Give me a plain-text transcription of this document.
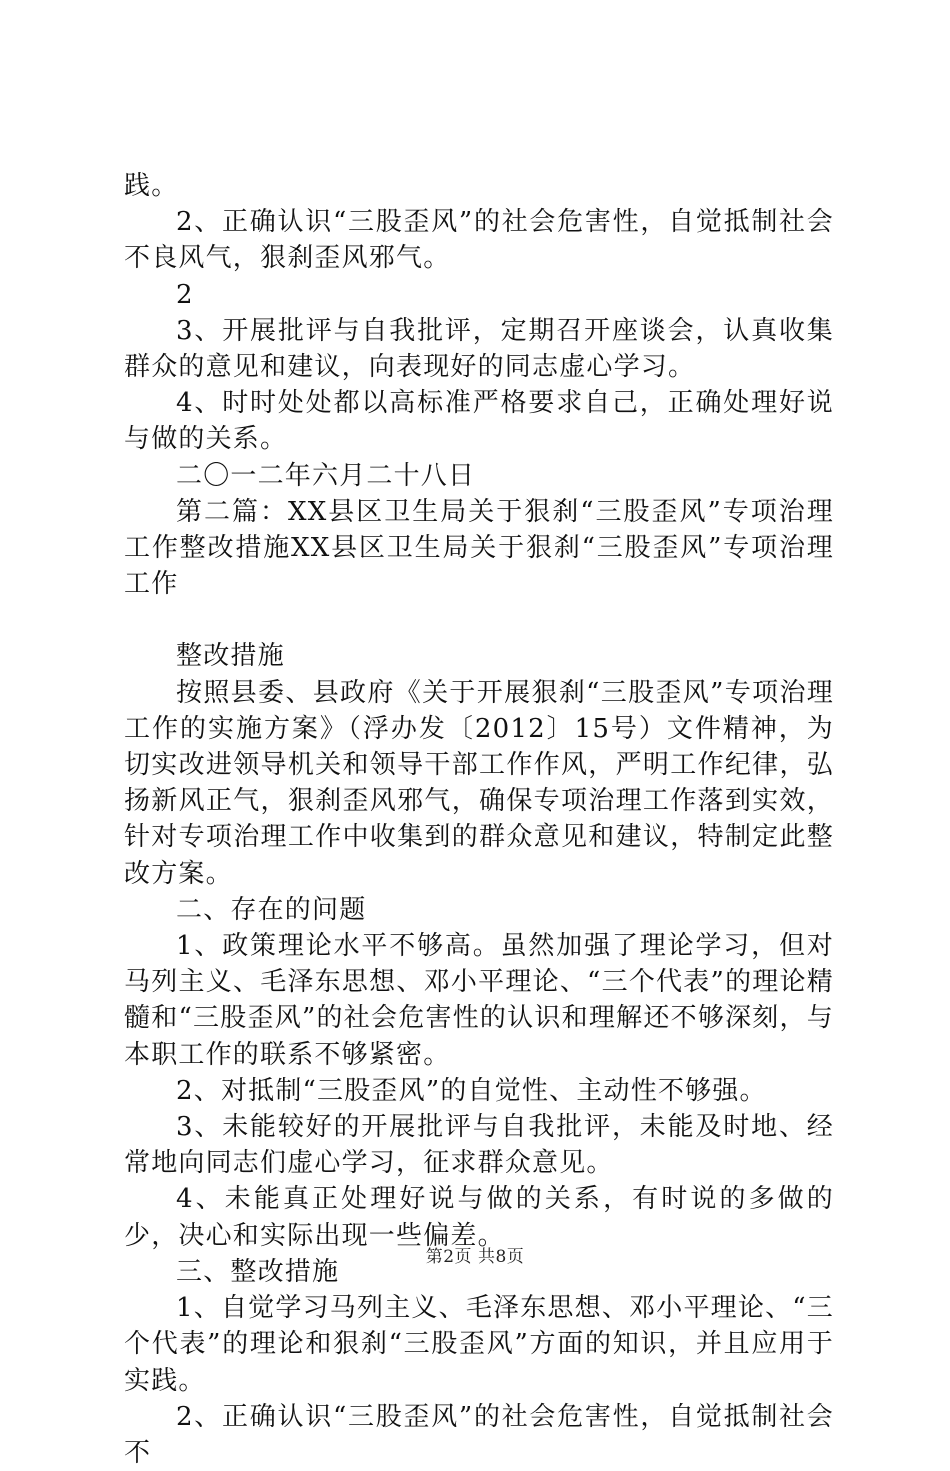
践。

2、正确认识“三股歪风”的社会危害性，自觉抵制社会不良风气，狠刹歪风邪气。

2

3、开展批评与自我批评，定期召开座谈会，认真收集群众的意见和建议，向表现好的同志虚心学习。

4、时时处处都以高标准严格要求自己，正确处理好说与做的关系。

二〇一二年六月二十八日

第二篇：XX县区卫生局关于狠刹“三股歪风”专项治理工作整改措施XX县区卫生局关于狠刹“三股歪风”专项治理工作

整改措施

按照县委、县政府《关于开展狠刹“三股歪风”专项治理工作的实施方案》（浮办发〔2012〕15号）文件精神，为切实改进领导机关和领导干部工作作风，严明工作纪律，弘扬新风正气，狠刹歪风邪气，确保专项治理工作落到实效，针对专项治理工作中收集到的群众意见和建议，特制定此整改方案。

二、存在的问题

1、政策理论水平不够高。虽然加强了理论学习，但对马列主义、毛泽东思想、邓小平理论、“三个代表”的理论精髓和“三股歪风”的社会危害性的认识和理解还不够深刻，与本职工作的联系不够紧密。

2、对抵制“三股歪风”的自觉性、主动性不够强。

3、未能较好的开展批评与自我批评，未能及时地、经常地向同志们虚心学习，征求群众意见。

4、未能真正处理好说与做的关系，有时说的多做的少，决心和实际出现一些偏差。

三、整改措施

1、自觉学习马列主义、毛泽东思想、邓小平理论、“三个代表”的理论和狠刹“三股歪风”方面的知识，并且应用于实践。

2、正确认识“三股歪风”的社会危害性，自觉抵制社会不

第2页 共8页
